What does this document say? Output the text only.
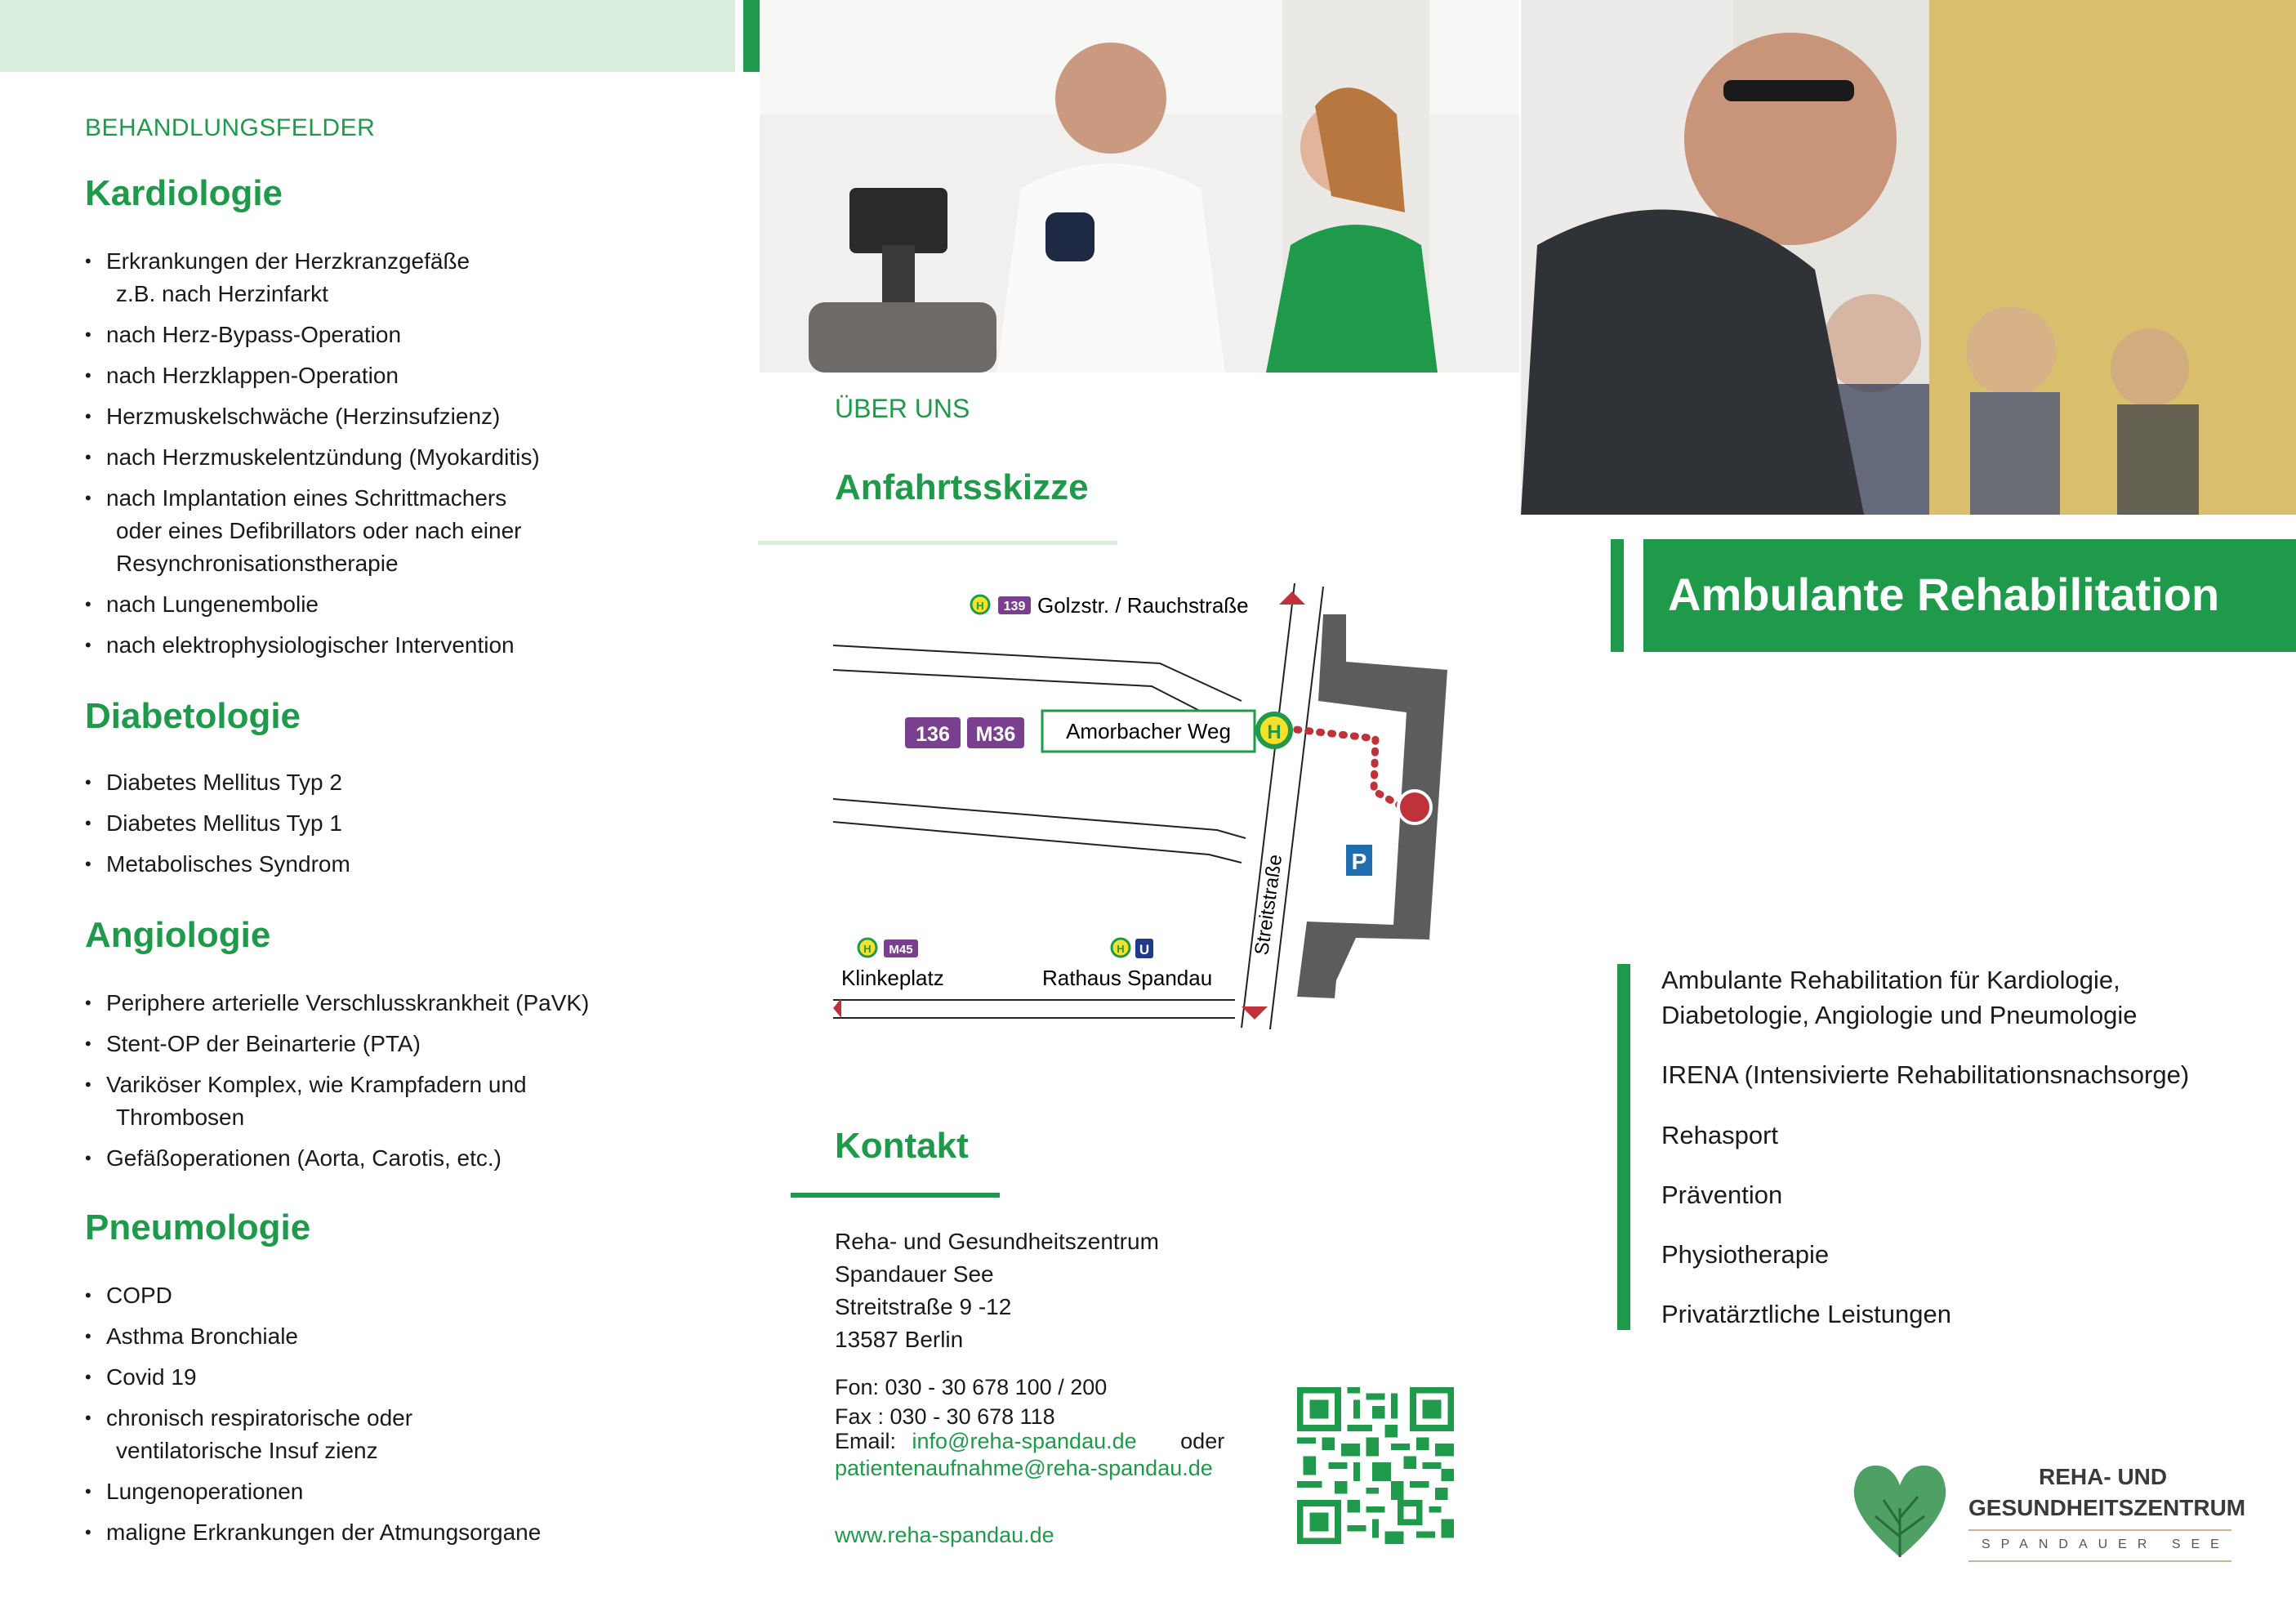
BEHANDLUNGSFELDER
Kardiologie
• Erkrankungen der Herzkranzgefäße
z.B. nach Herzinfarkt
• nach Herz-Bypass-Operation
• nach Herzklappen-Operation
• Herzmuskelschwäche (Herzinsufzienz)
• nach Herzmuskelentzündung (Myokarditis)
• nach Implantation eines Schrittmachers
oder eines Defibrillators oder nach einer
Resynchronisationstherapie
• nach Lungenembolie
• nach elektrophysiologischer Intervention
Diabetologie
• Diabetes Mellitus Typ 2
• Diabetes Mellitus Typ 1
• Metabolisches Syndrom
Angiologie
• Periphere arterielle Verschlusskrankheit (PaVK)
• Stent-OP der Beinarterie (PTA)
• Variköser Komplex, wie Krampfadern und
Thrombosen
• Gefäßoperationen (Aorta, Carotis, etc.)
Pneumologie
• COPD
• Asthma Bronchiale
• Covid 19
• chronisch respiratorische oder
ventilatorische Insuf zienz
• Lungenoperationen
• maligne Erkrankungen der Atmungsorgane
ÜBER UNS
Anfahrtsskizze
P
H
Amorbacher Weg
136 M36
H 139 Golzstr. / Rauchstraße
Streitstraße
H M45
Klinkeplatz
H U
Rathaus Spandau
Kontakt
Reha- und Gesundheitszentrum
Spandauer See
Streitstraße 9 -12
13587 Berlin
Fon: 030 - 30 678 100 / 200
Fax : 030 - 30 678 118
Email: info@reha-spandau.de oder
patientenaufnahme@reha-spandau.de
www.reha-spandau.de
Ambulante Rehabilitation
Ambulante Rehabilitation für Kardiologie,
Diabetologie, Angiologie und Pneumologie
IRENA (Intensivierte Rehabilitationsnachsorge)
Rehasport
Prävention
Physiotherapie
Privatärztliche Leistungen
REHA- UND
GESUNDHEITSZENTRUM
SPANDAUER SEE
